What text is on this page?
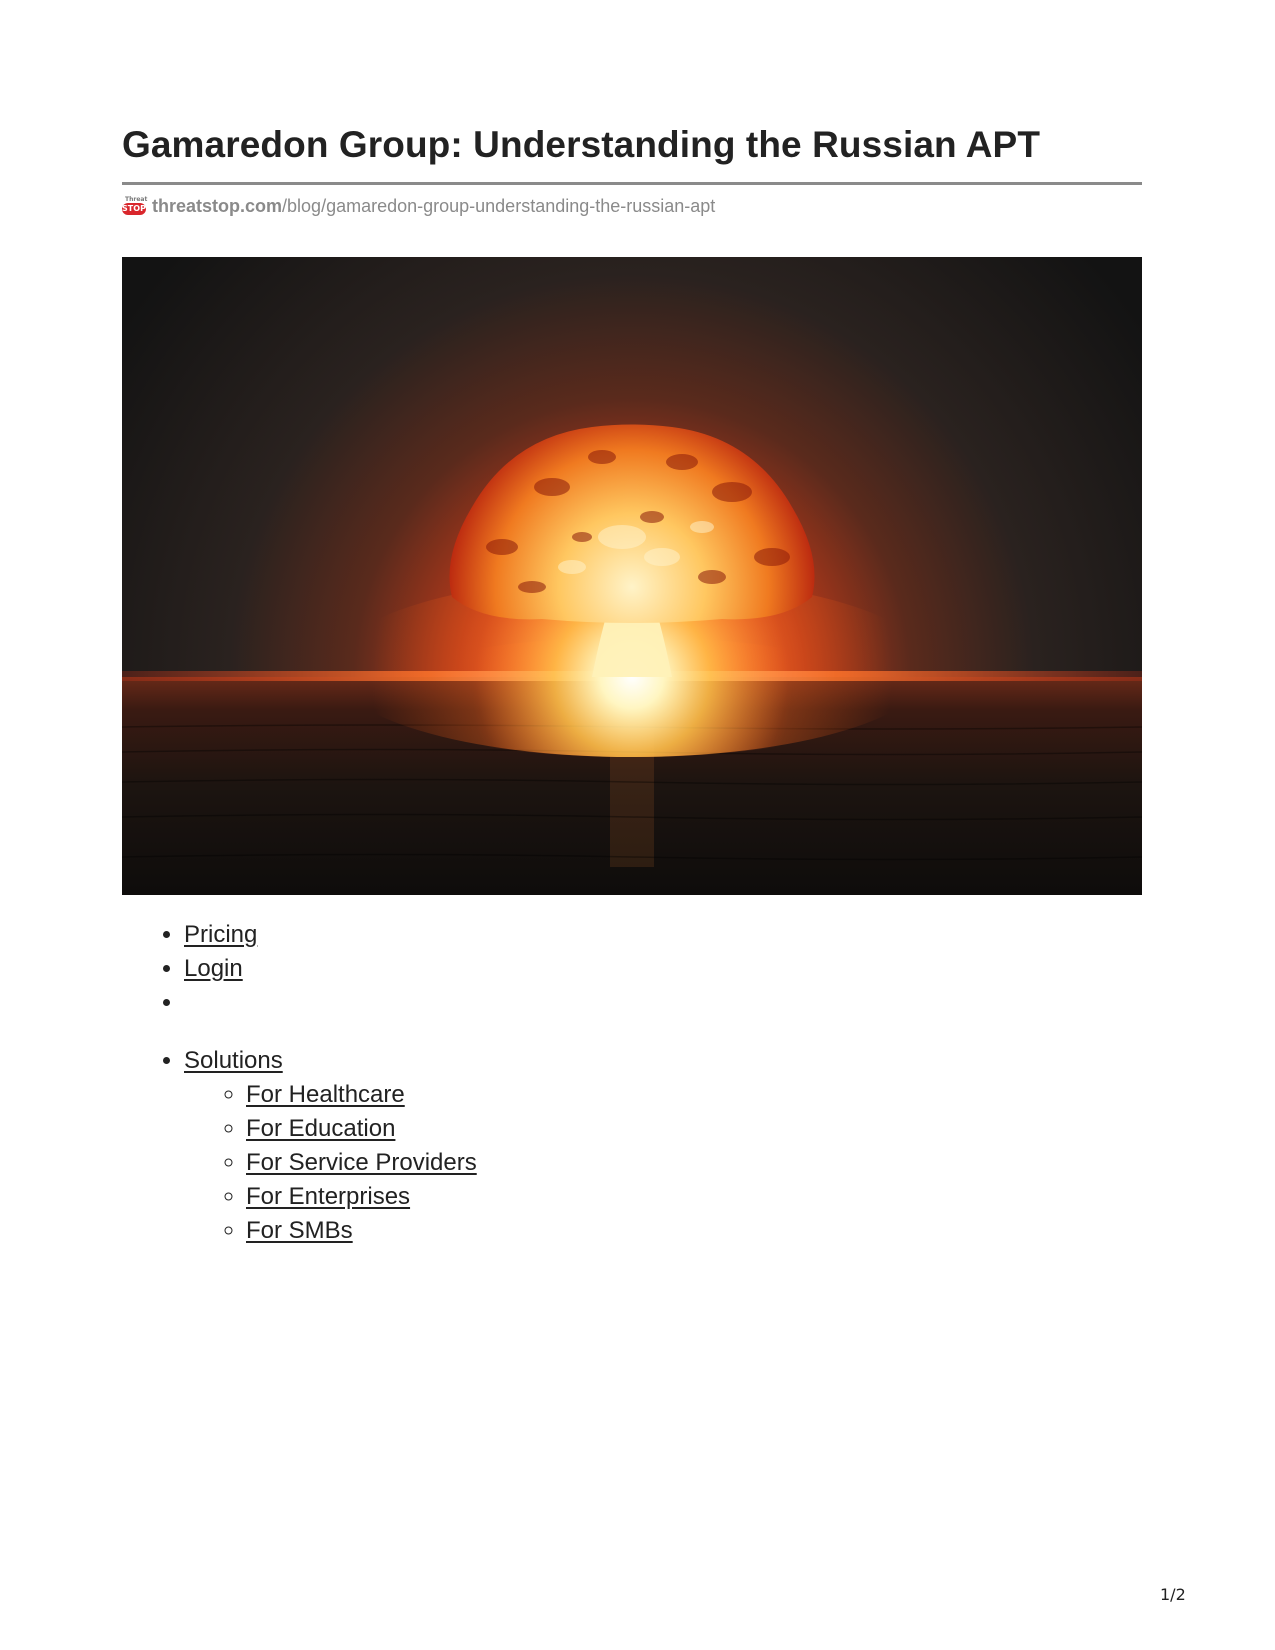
Gamaredon Group: Understanding the Russian APT
Threat
STOP threatstop.com /blog/gamaredon-group-understanding-the-russian-apt
• Pricing
• Login
•
• Solutions
◦ For Healthcare
◦ For Education
◦ For Service Providers
◦ For Enterprises
◦ For SMBs
1/2
